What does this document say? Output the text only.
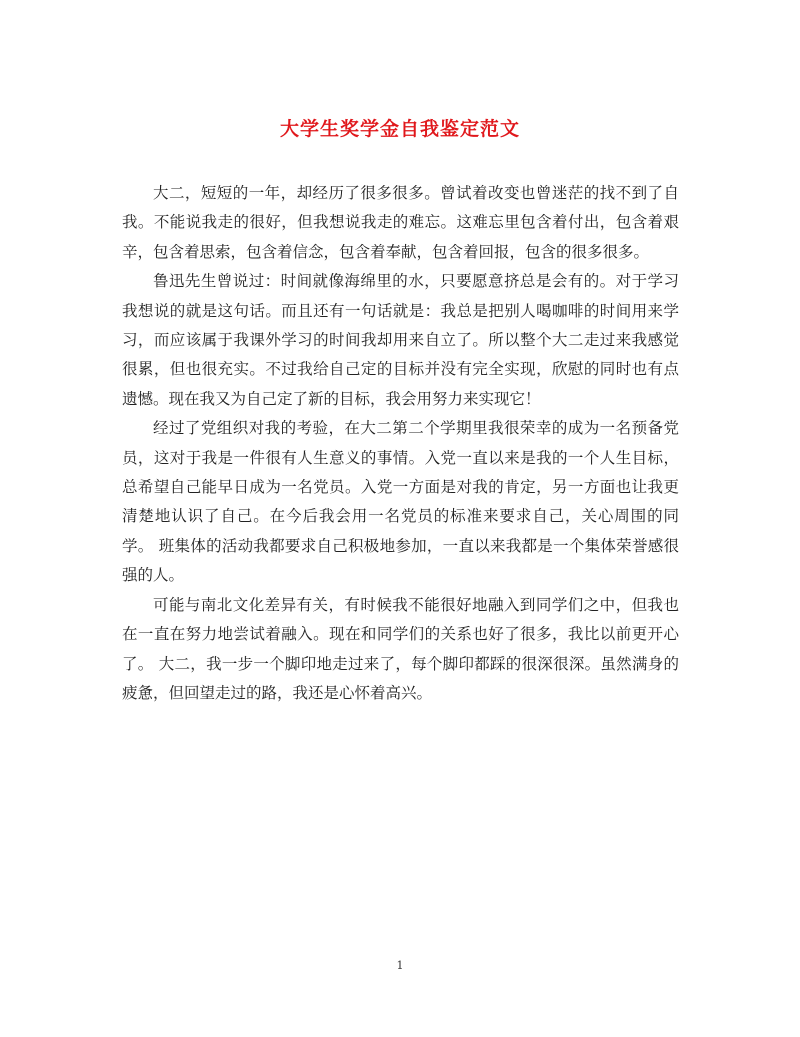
大学生奖学金自我鉴定范文

大二，短短的一年，却经历了很多很多。曾试着改变也曾迷茫的找不到了自我。不能说我走的很好，但我想说我走的难忘。这难忘里包含着付出，包含着艰辛，包含着思索，包含着信念，包含着奉献，包含着回报，包含的很多很多。

鲁迅先生曾说过：时间就像海绵里的水，只要愿意挤总是会有的。对于学习我想说的就是这句话。而且还有一句话就是：我总是把别人喝咖啡的时间用来学习，而应该属于我课外学习的时间我却用来自立了。所以整个大二走过来我感觉很累，但也很充实。不过我给自己定的目标并没有完全实现，欣慰的同时也有点遗憾。现在我又为自己定了新的目标，我会用努力来实现它！

经过了党组织对我的考验，在大二第二个学期里我很荣幸的成为一名预备党员，这对于我是一件很有人生意义的事情。入党一直以来是我的一个人生目标，总希望自己能早日成为一名党员。入党一方面是对我的肯定，另一方面也让我更清楚地认识了自己。在今后我会用一名党员的标准来要求自己，关心周围的同学。 班集体的活动我都要求自己积极地参加，一直以来我都是一个集体荣誉感很强的人。

可能与南北文化差异有关，有时候我不能很好地融入到同学们之中，但我也在一直在努力地尝试着融入。现在和同学们的关系也好了很多，我比以前更开心了。 大二，我一步一个脚印地走过来了，每个脚印都踩的很深很深。虽然满身的疲惫，但回望走过的路，我还是心怀着高兴。

1
